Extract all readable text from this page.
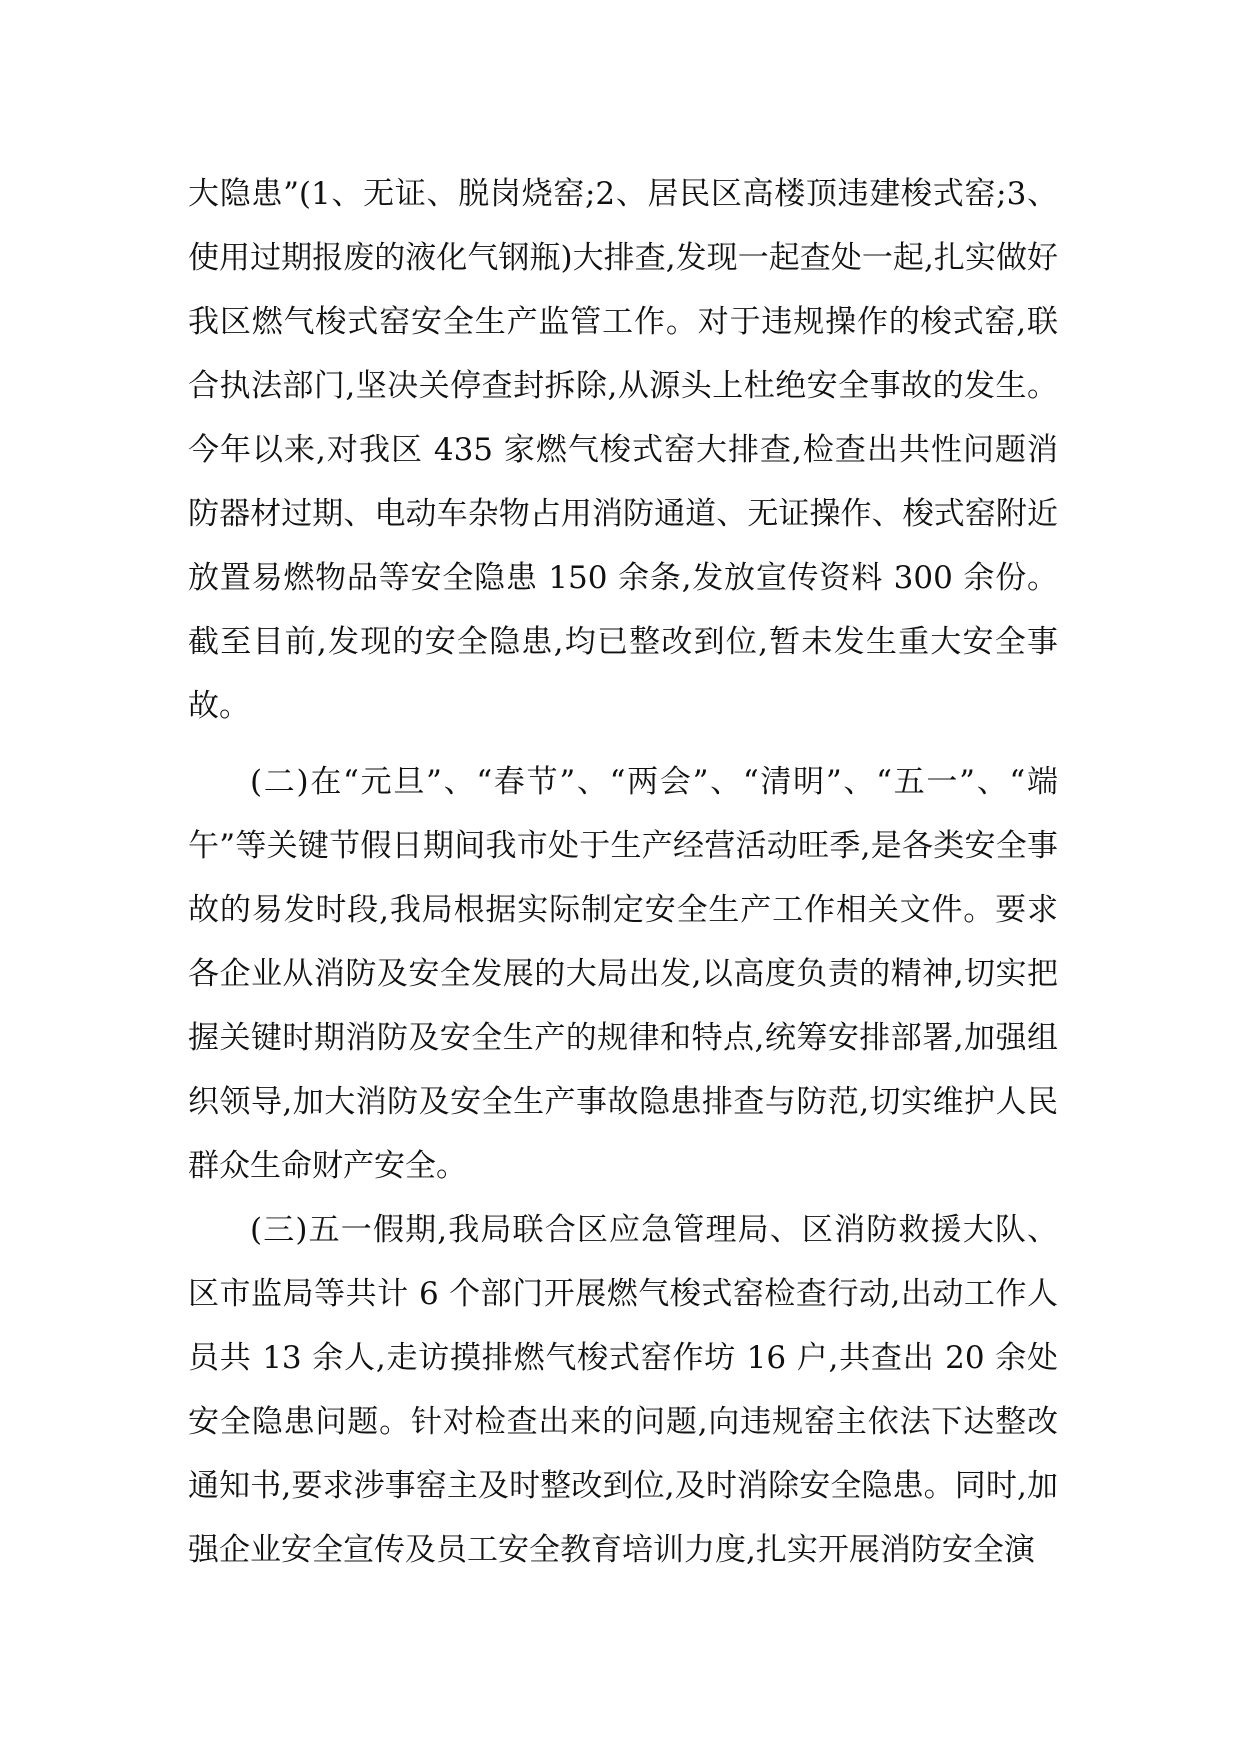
大隐患”(1、无证、脱岗烧窑;2、居民区高楼顶违建梭式窑;3、使用过期报废的液化气钢瓶)大排查,发现一起查处一起,扎实做好我区燃气梭式窑安全生产监管工作。对于违规操作的梭式窑,联合执法部门,坚决关停查封拆除,从源头上杜绝安全事故的发生。今年以来,对我区 435 家燃气梭式窑大排查,检查出共性问题消防器材过期、电动车杂物占用消防通道、无证操作、梭式窑附近放置易燃物品等安全隐患 150 余条,发放宣传资料 300 余份。截至目前,发现的安全隐患,均已整改到位,暂未发生重大安全事故。

(二)在“元旦”、“春节”、“两会”、“清明”、“五一”、“端午”等关键节假日期间我市处于生产经营活动旺季,是各类安全事故的易发时段,我局根据实际制定安全生产工作相关文件。要求各企业从消防及安全发展的大局出发,以高度负责的精神,切实把握关键时期消防及安全生产的规律和特点,统筹安排部署,加强组织领导,加大消防及安全生产事故隐患排查与防范,切实维护人民群众生命财产安全。

(三)五一假期,我局联合区应急管理局、区消防救援大队、区市监局等共计 6 个部门开展燃气梭式窑检查行动,出动工作人员共 13 余人,走访摸排燃气梭式窑作坊 16 户,共查出 20 余处安全隐患问题。针对检查出来的问题,向违规窑主依法下达整改通知书,要求涉事窑主及时整改到位,及时消除安全隐患。同时,加强企业安全宣传及员工安全教育培训力度,扎实开展消防安全演
